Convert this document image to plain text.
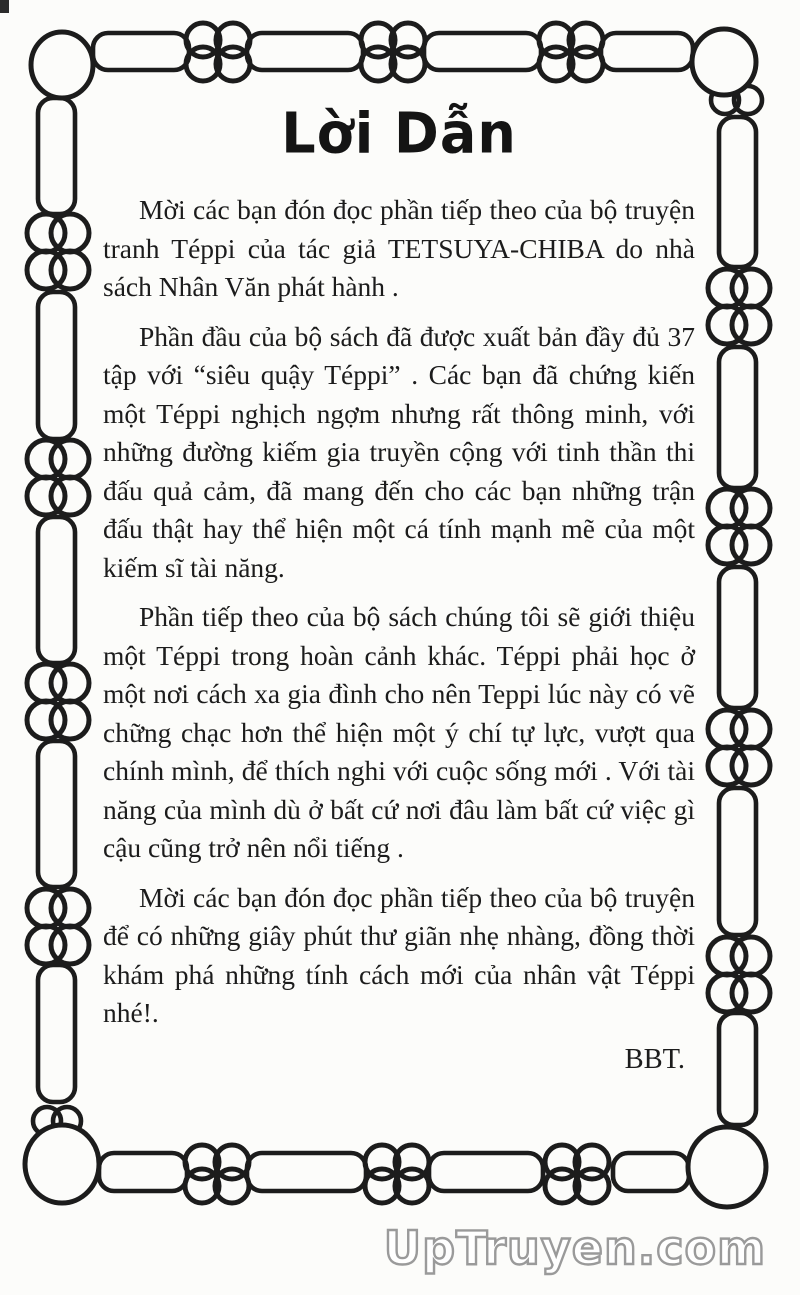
Lời Dẫn

Mời các bạn đón đọc phần tiếp theo của bộ truyện tranh Téppi của tác giả TETSUYA-CHIBA do nhà sách Nhân Văn phát hành .

Phần đầu của bộ sách đã được xuất bản đầy đủ 37 tập với “siêu quậy Téppi” . Các bạn đã chứng kiến một Téppi nghịch ngợm nhưng rất thông minh, với những đường kiếm gia truyền cộng với tinh thần thi đấu quả cảm, đã mang đến cho các bạn những trận đấu thật hay thể hiện một cá tính mạnh mẽ của một kiếm sĩ tài năng.

Phần tiếp theo của bộ sách chúng tôi sẽ giới thiệu một Téppi trong hoàn cảnh khác. Téppi phải học ở một nơi cách xa gia đình cho nên Teppi lúc này có vẽ chững chạc hơn thể hiện một ý chí tự lực, vượt qua chính mình, để thích nghi với cuộc sống mới . Với tài năng của mình dù ở bất cứ nơi đâu làm bất cứ việc gì cậu cũng trở nên nổi tiếng .

Mời các bạn đón đọc phần tiếp theo của bộ truyện để có những giây phút thư giãn nhẹ nhàng, đồng thời khám phá những tính cách mới của nhân vật Téppi nhé!.

BBT.

UpTruyen.com
